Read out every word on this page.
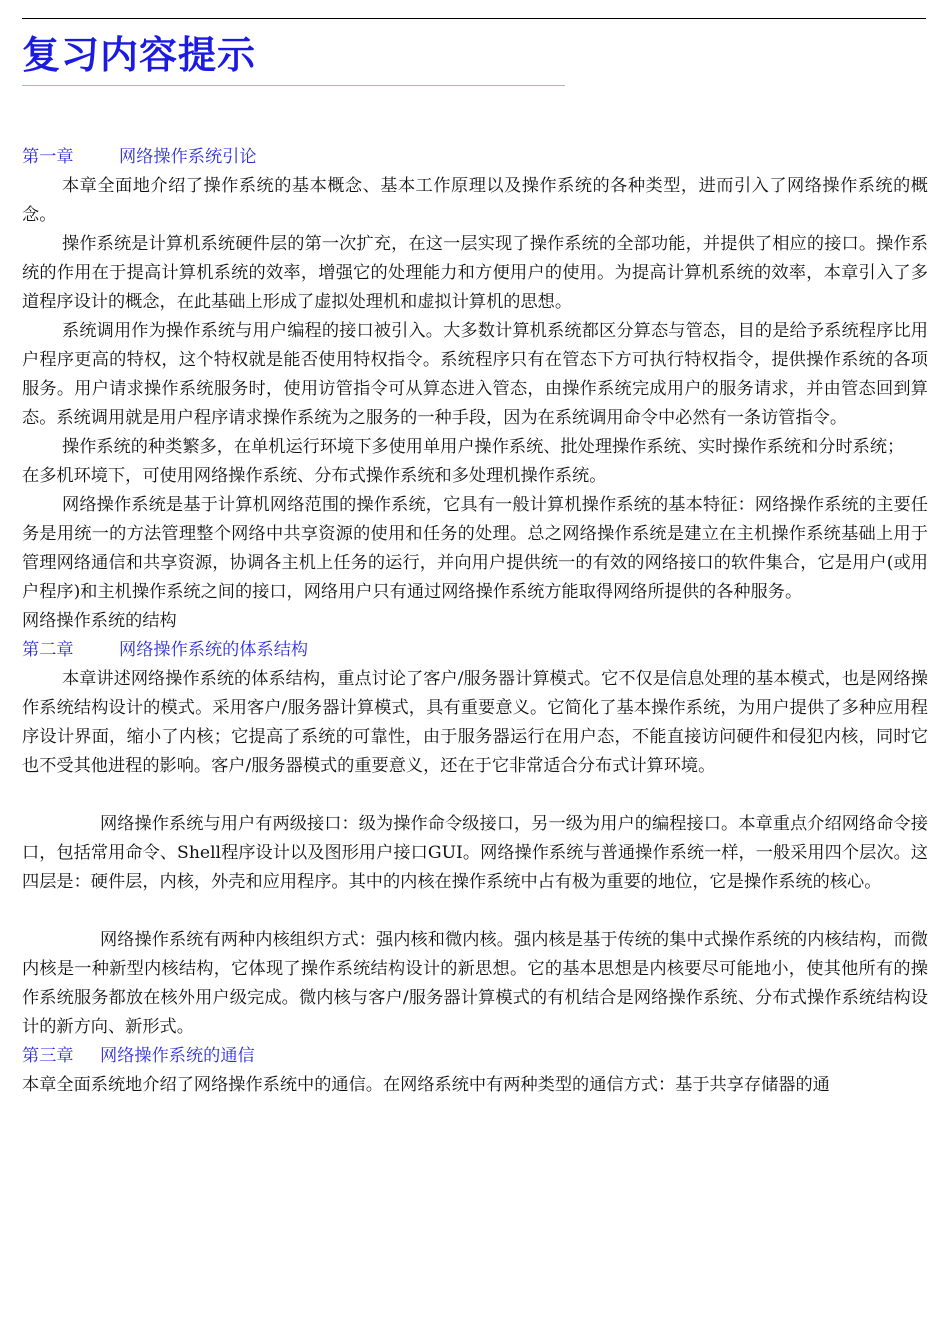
复习内容提示

第一章	网络操作系统引论

本章全面地介绍了操作系统的基本概念、基本工作原理以及操作系统的各种类型，进而引入了网络操作系统的概念。

操作系统是计算机系统硬件层的第一次扩充，在这一层实现了操作系统的全部功能，并提供了相应的接口。操作系统的作用在于提高计算机系统的效率，增强它的处理能力和方便用户的使用。为提高计算机系统的效率，本章引入了多道程序设计的概念，在此基础上形成了虚拟处理机和虚拟计算机的思想。

系统调用作为操作系统与用户编程的接口被引入。大多数计算机系统都区分算态与管态，目的是给予系统程序比用户程序更高的特权，这个特权就是能否使用特权指令。系统程序只有在管态下方可执行特权指令，提供操作系统的各项服务。用户请求操作系统服务时，使用访管指令可从算态进入管态，由操作系统完成用户的服务请求，并由管态回到算态。系统调用就是用户程序请求操作系统为之服务的一种手段，因为在系统调用命令中必然有一条访管指令。

操作系统的种类繁多，在单机运行环境下多使用单用户操作系统、批处理操作系统、实时操作系统和分时系统；

在多机环境下，可使用网络操作系统、分布式操作系统和多处理机操作系统。

网络操作系统是基于计算机网络范围的操作系统，它具有一般计算机操作系统的基本特征：网络操作系统的主要任务是用统一的方法管理整个网络中共享资源的使用和任务的处理。总之网络操作系统是建立在主机操作系统基础上用于管理网络通信和共享资源，协调各主机上任务的运行，并向用户提供统一的有效的网络接口的软件集合，它是用户(或用户程序)和主机操作系统之间的接口，网络用户只有通过网络操作系统方能取得网络所提供的各种服务。

网络操作系统的结构

第二章	网络操作系统的体系结构

本章讲述网络操作系统的体系结构，重点讨论了客户/服务器计算模式。它不仅是信息处理的基本模式，也是网络操作系统结构设计的模式。采用客户/服务器计算模式，具有重要意义。它简化了基本操作系统，为用户提供了多种应用程序设计界面，缩小了内核；它提高了系统的可靠性，由于服务器运行在用户态，不能直接访问硬件和侵犯内核，同时它也不受其他进程的影响。客户/服务器模式的重要意义，还在于它非常适合分布式计算环境。

网络操作系统与用户有两级接口：级为操作命令级接口，另一级为用户的编程接口。本章重点介绍网络命令接口，包括常用命令、Shell程序设计以及图形用户接口GUI。网络操作系统与普通操作系统一样，一般采用四个层次。这四层是：硬件层，内核，外壳和应用程序。其中的内核在操作系统中占有极为重要的地位，它是操作系统的核心。

网络操作系统有两种内核组织方式：强内核和微内核。强内核是基于传统的集中式操作系统的内核结构，而微内核是一种新型内核结构，它体现了操作系统结构设计的新思想。它的基本思想是内核要尽可能地小，使其他所有的操作系统服务都放在核外用户级完成。微内核与客户/服务器计算模式的有机结合是网络操作系统、分布式操作系统结构设计的新方向、新形式。

第三章 网络操作系统的通信

本章全面系统地介绍了网络操作系统中的通信。在网络系统中有两种类型的通信方式：基于共享存储器的通
